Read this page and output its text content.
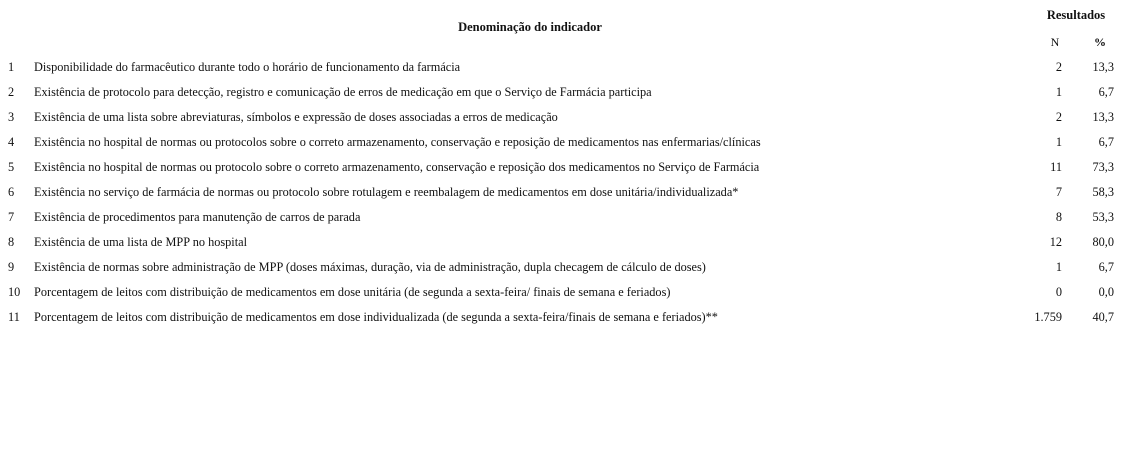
Denominação do indicador
Resultados
N	%
1	Disponibilidade do farmacêutico durante todo o horário de funcionamento da farmácia	2	13,3
2	Existência de protocolo para detecção, registro e comunicação de erros de medicação em que o Serviço de Farmácia participa	1	6,7
3	Existência de uma lista sobre abreviaturas, símbolos e expressão de doses associadas a erros de medicação	2	13,3
4	Existência no hospital de normas ou protocolos sobre o correto armazenamento, conservação e reposição de medicamentos nas enfermarias/clínicas	1	6,7
5	Existência no hospital de normas ou protocolo sobre o correto armazenamento, conservação e reposição dos medicamentos no Serviço de Farmácia	11	73,3
6	Existência no serviço de farmácia de normas ou protocolo sobre rotulagem e reembalagem de medicamentos em dose unitária/individualizada*	7	58,3
7	Existência de procedimentos para manutenção de carros de parada	8	53,3
8	Existência de uma lista de MPP no hospital	12	80,0
9	Existência de normas sobre administração de MPP (doses máximas, duração, via de administração, dupla checagem de cálculo de doses)	1	6,7
10	Porcentagem de leitos com distribuição de medicamentos em dose unitária (de segunda a sexta-feira/ finais de semana e feriados)	0	0,0
11	Porcentagem de leitos com distribuição de medicamentos em dose individualizada (de segunda a sexta-feira/finais de semana e feriados)**	1.759	40,7
